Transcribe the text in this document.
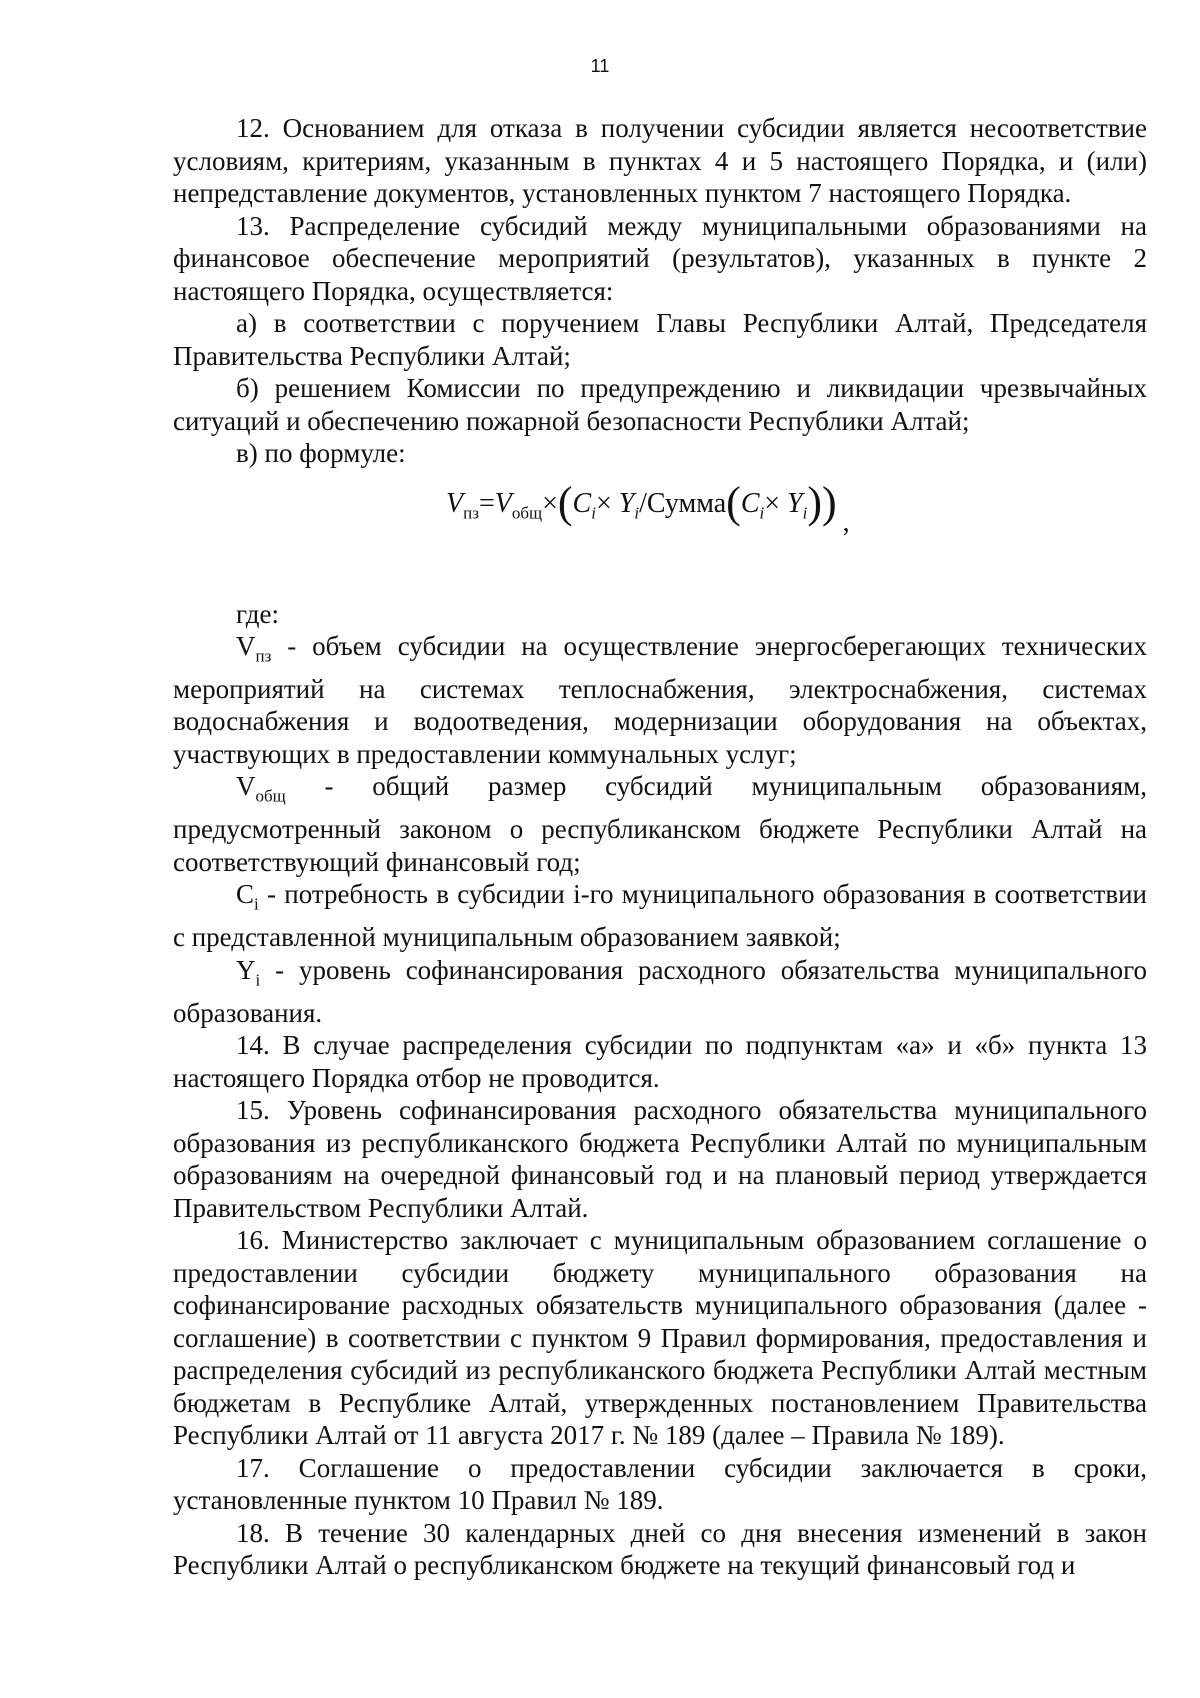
11

12. Основанием для отказа в получении субсидии является несоответствие условиям, критериям, указанным в пунктах 4 и 5 настоящего Порядка, и (или) непредставление документов, установленных пунктом 7 настоящего Порядка.

13. Распределение субсидий между муниципальными образованиями на финансовое обеспечение мероприятий (результатов), указанных в пункте 2 настоящего Порядка, осуществляется:

а) в соответствии с поручением Главы Республики Алтай, Председателя Правительства Республики Алтай;

б) решением Комиссии по предупреждению и ликвидации чрезвычайных ситуаций и обеспечению пожарной безопасности Республики Алтай;

в) по формуле:

$V_{пз}=V_{общ}\times(C_i\times$ $Y_i/Сумма(C_i\times Y_i)$) ,

где:

$V_{пз}$ - объем субсидии на осуществление энергосберегающих технических мероприятий на системах теплоснабжения, электроснабжения, системах водоснабжения и водоотведения, модернизации оборудования на объектах, участвующих в предоставлении коммунальных услуг;

$V_{общ}$ - общий размер субсидий муниципальным образованиям, предусмотренный законом о республиканском бюджете Республики Алтай на соответствующий финансовый год;

$C_i$ - потребность в субсидии i-го муниципального образования в соответствии с представленной муниципальным образованием заявкой;

$Y_i$ - уровень софинансирования расходного обязательства муниципального образования.

14. В случае распределения субсидии по подпунктам «а» и «б» пункта 13 настоящего Порядка отбор не проводится.

15. Уровень софинансирования расходного обязательства муниципального образования из республиканского бюджета Республики Алтай по муниципальным образованиям на очередной финансовый год и на плановый период утверждается Правительством Республики Алтай.

16. Министерство заключает с муниципальным образованием соглашение о предоставлении субсидии бюджету муниципального образования на софинансирование расходных обязательств муниципального образования (далее - соглашение) в соответствии с пунктом 9 Правил формирования, предоставления и распределения субсидий из республиканского бюджета Республики Алтай местным бюджетам в Республике Алтай, утвержденных постановлением Правительства Республики Алтай от 11 августа 2017 г. № 189 (далее – Правила № 189).

17. Соглашение о предоставлении субсидии заключается в сроки, установленные пунктом 10 Правил № 189.

18. В течение 30 календарных дней со дня внесения изменений в закон Республики Алтай о республиканском бюджете на текущий финансовый год и
